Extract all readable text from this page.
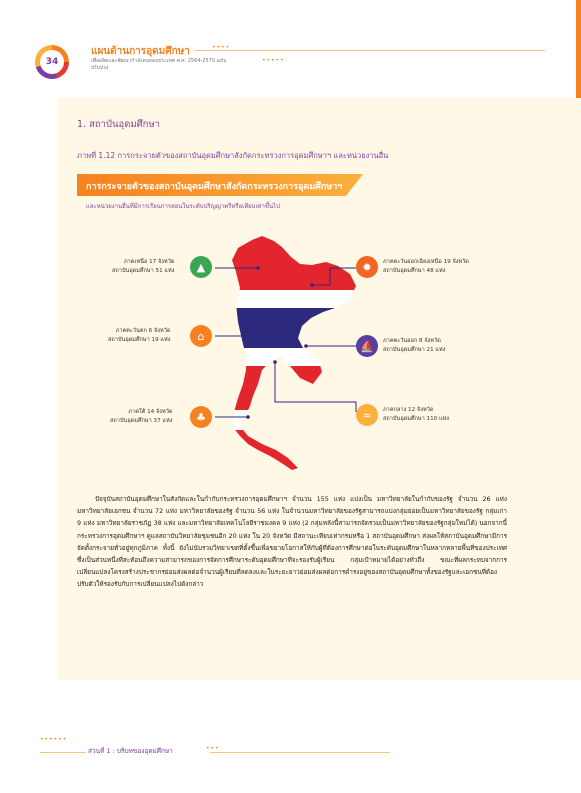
34
แผนด้านการอุดมศึกษา
เพื่อผลิตและพัฒนากำลังคนของประเทศ พ.ศ. 2564-2570 ฉบับปรับปรุง
••••
•••••
1. สถาบันอุดมศึกษา
ภาพที่ 1.12 การกระจายตัวของสถาบันอุดมศึกษาสังกัดกระทรวงการอุดมศึกษาฯ และหน่วยงานอื่น
การกระจายตัวของสถาบันอุดมศึกษาสังกัดกระทรวงการอุดมศึกษาฯ
และหน่วยงานอื่นที่มีการเรียนการสอนในระดับปริญญาตรีหรือเทียบเท่าขึ้นไป
ภาคเหนือ 17 จังหวัด
สถาบันอุดมศึกษา 51 แห่ง	▲	✹	ภาคตะวันออกเฉียงเหนือ 19 จังหวัด
สถาบันอุดมศึกษา 48 แห่ง
ภาคตะวันตก 6 จังหวัด
สถาบันอุดมศึกษา 19 แห่ง	⌂
⛵	ภาคตะวันออก 8 จังหวัด
สถาบันอุดมศึกษา 21 แห่ง
ภาคใต้ 14 จังหวัด
สถาบันอุดมศึกษา 37 แห่ง	♣	≈	ภาคกลาง 12 จังหวัด
สถาบันอุดมศึกษา 110 แห่ง
ปัจจุบันสถาบันอุดมศึกษาในสังกัดและในกำกับกระทรวงการอุดมศึกษาฯ จำนวน 155 แห่ง แบ่งเป็น มหาวิทยาลัยในกำกับของรัฐ จำนวน 26 แห่ง มหาวิทยาลัยเอกชน จำนวน 72 แห่ง มหาวิทยาลัยของรัฐ จำนวน 56 แห่ง ในจำนวนมหาวิทยาลัยของรัฐสามารถแบ่งกลุ่มย่อยเป็นมหาวิทยาลัยของรัฐ กลุ่มเก่า 9 แห่ง มหาวิทยาลัยราชภัฏ 38 แห่ง และมหาวิทยาลัยเทคโนโลยีราชมงคล 9 แห่ง (2 กลุ่มหลังนี้สามารถจัดรวมเป็นมหาวิทยาลัยของรัฐกลุ่มใหม่ได้) นอกจากนี้ กระทรวงการอุดมศึกษาฯ ดูแลสถาบันวิทยาลัยชุมชนอีก 20 แห่ง ใน 20 จังหวัด มีสถานะเทียบเท่ากรมหรือ 1 สถาบันอุดมศึกษา ส่งผลให้สถาบันอุดมศึกษามีการจัดตั้งกระจายทั่วอยู่ทุกภูมิภาค ทั้งนี้ ยังไม่นับรวมวิทยาเขตที่ตั้งขึ้นเพื่อขยายโอกาสให้กับผู้ที่ต้องการศึกษาต่อในระดับอุดมศึกษาในหลากหลายพื้นที่ของประเทศ ซึ่งเป็นส่วนหนึ่งที่สะท้อนถึงความสามารถของการจัดการศึกษาระดับอุดมศึกษาที่จะรองรับผู้เรียน กลุ่มเป้าหมายได้อย่างทั่วถึง ขณะที่ผลกระทบจากการเปลี่ยนแปลงโครงสร้างประชากรย่อมส่งผลต่อจำนวนผู้เรียนที่ลดลงและในระยะยาวย่อมส่งผลต่อการดำรงอยู่ของสถาบันอุดมศึกษาทั้งของรัฐและเอกชนที่ต้องปรับตัวให้รองรับกับการเปลี่ยนแปลงไปดังกล่าว
••••••
ส่วนที่ 1 : บริบทของอุดมศึกษา	•••
